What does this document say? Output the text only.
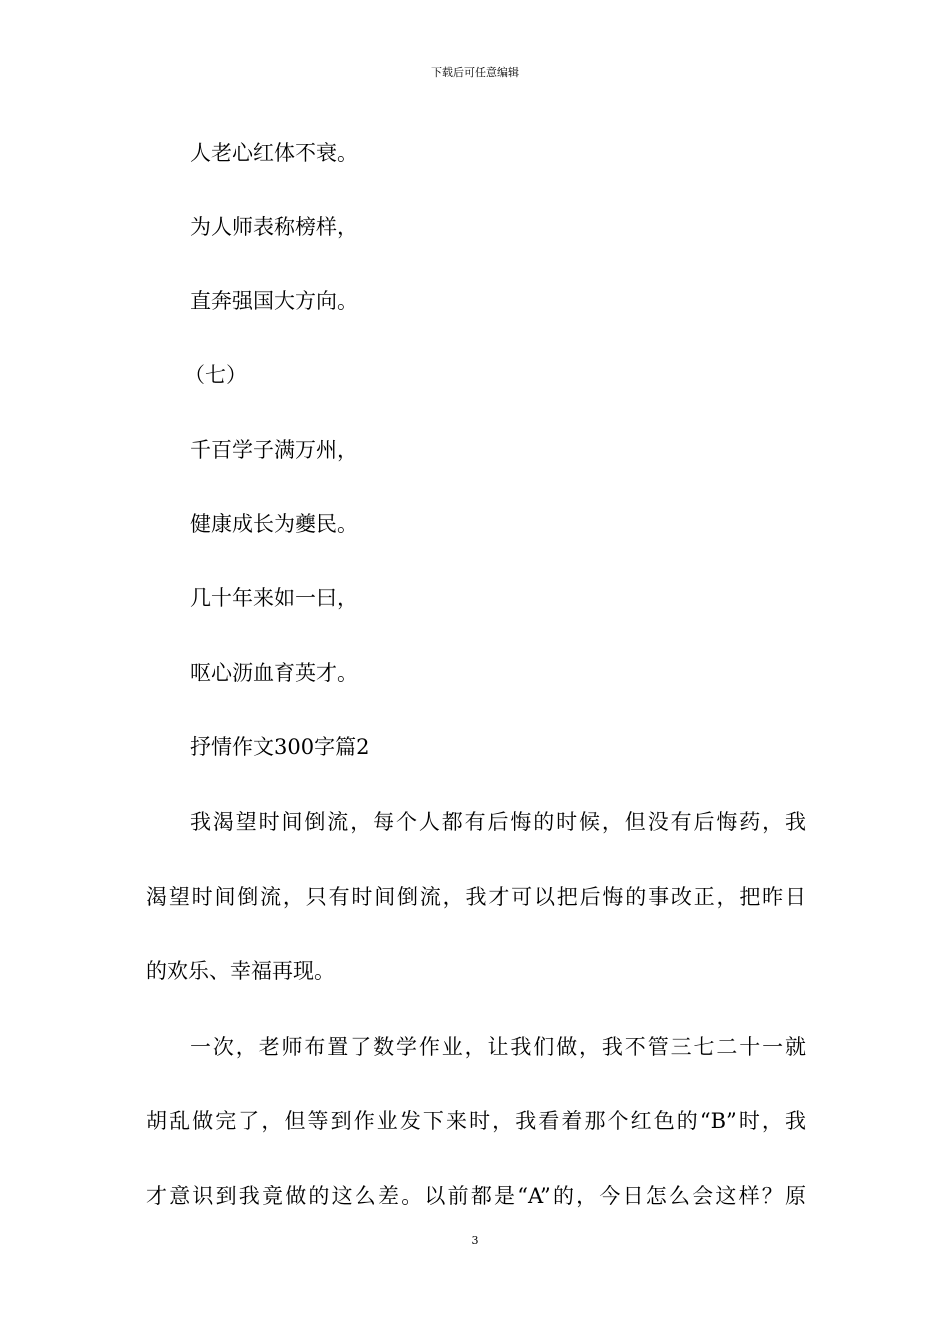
下载后可任意编辑
人老心红体不衰。
为人师表称榜样，
直奔强国大方向。
（七）
千百学子满万州，
健康成长为夔民。
几十年来如一曰，
呕心沥血育英才。
抒情作文300字篇2
我渴望时间倒流，每个人都有后悔的时候，但没有后悔药，我
渴望时间倒流，只有时间倒流，我才可以把后悔的事改正，把昨日
的欢乐、幸福再现。
一次，老师布置了数学作业，让我们做，我不管三七二十一就
胡乱做完了，但等到作业发下来时，我看着那个红色的“B”时，我
才意识到我竟做的这么差。以前都是“A”的，今日怎么会这样？原
3
